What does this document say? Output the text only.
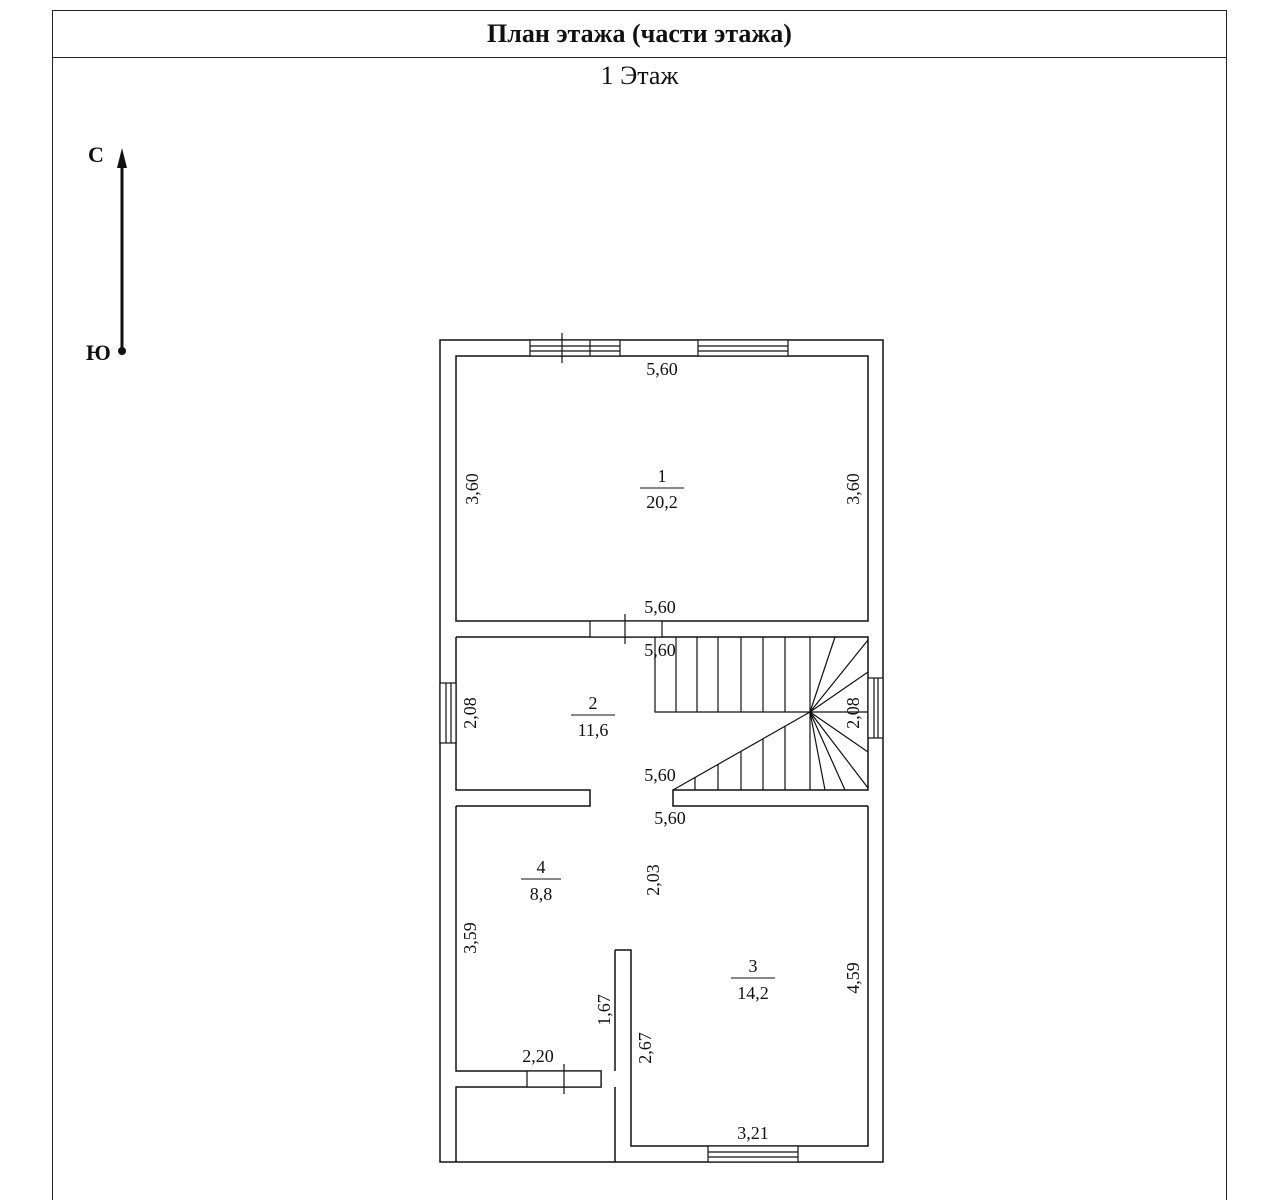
План этажа (части этажа)
1 Этаж
С
Ю
1
20,2
2
11,6
3
14,2
4
8,8
5,60
3,60	3,60
5,60
5,60
2,08	2,08
5,60
5,60
2,03
3,59
4,59
1,67
2,67
2,20
3,21
